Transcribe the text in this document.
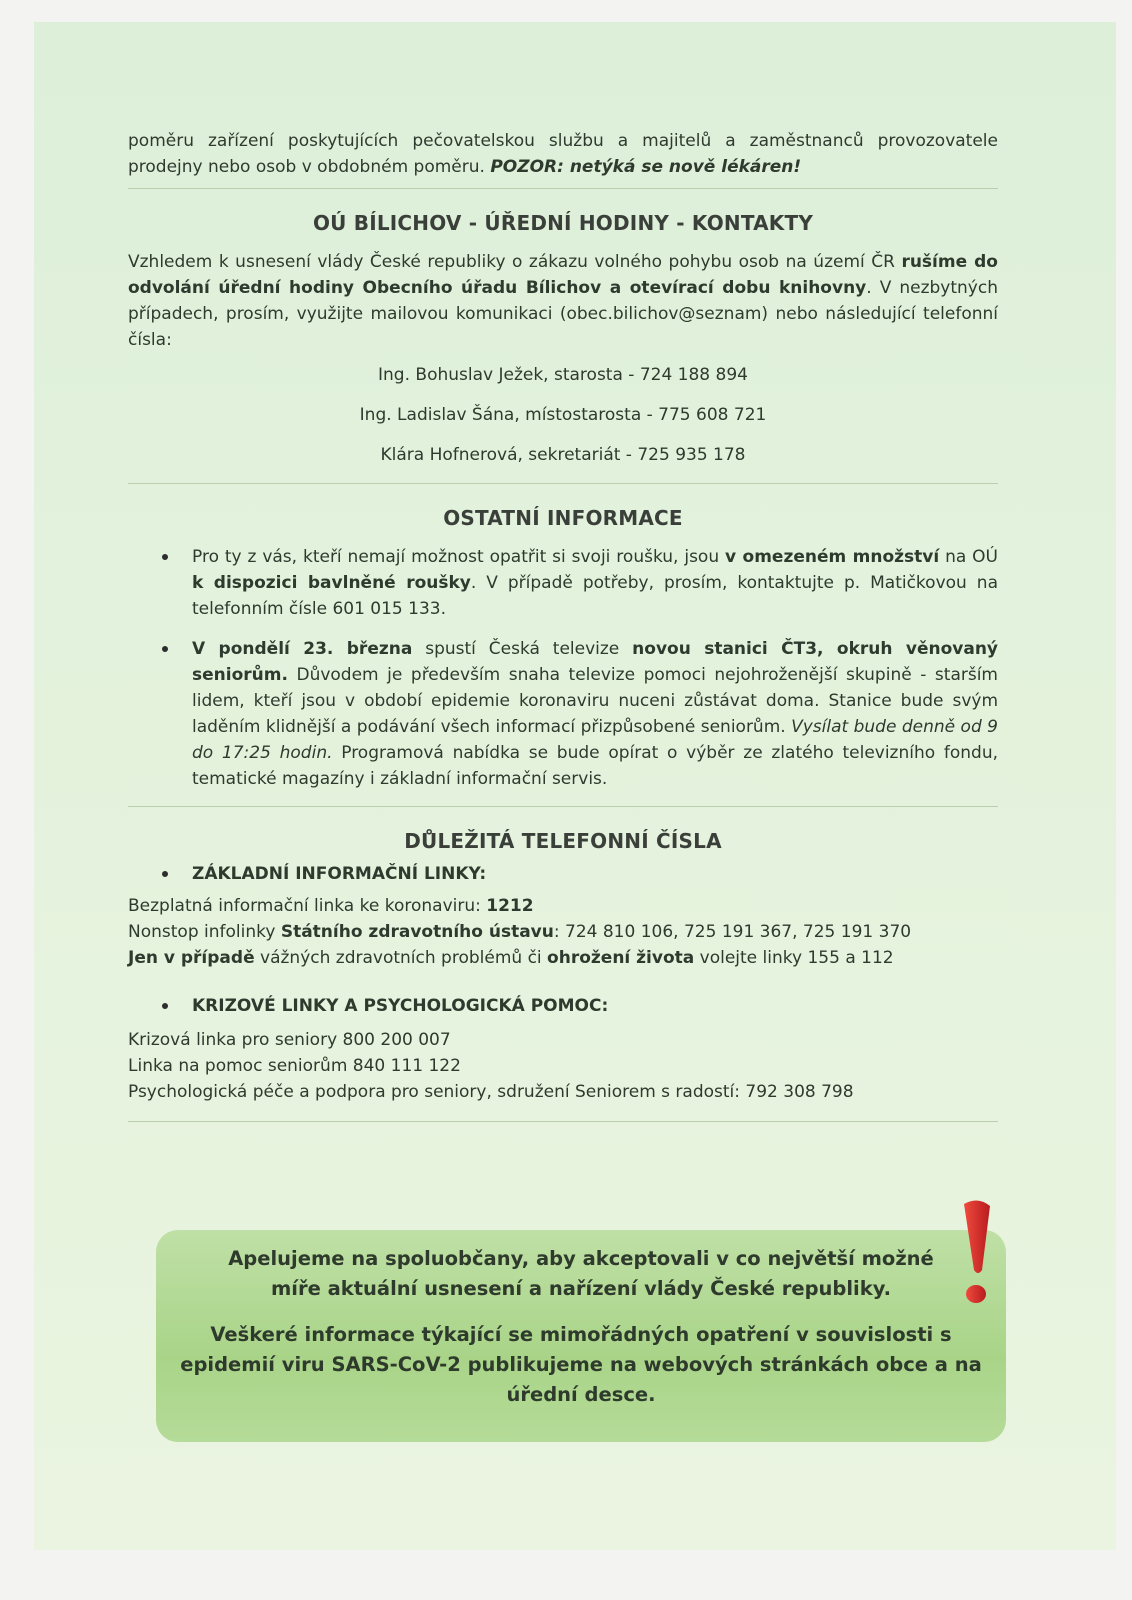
poměru zařízení poskytujících pečovatelskou službu a majitelů a zaměstnanců provozovatele prodejny nebo osob v obdobném poměru. POZOR: netýká se nově lékáren!

OÚ BÍLICHOV - ÚŘEDNÍ HODINY - KONTAKTY

Vzhledem k usnesení vlády České republiky o zákazu volného pohybu osob na území ČR rušíme do odvolání úřední hodiny Obecního úřadu Bílichov a otevírací dobu knihovny. V nezbytných případech, prosím, využijte mailovou komunikaci (obec.bilichov@seznam) nebo následující telefonní čísla:

Ing. Bohuslav Ježek, starosta - 724 188 894
Ing. Ladislav Šána, místostarosta - 775 608 721
Klára Hofnerová, sekretariát - 725 935 178
OSTATNÍ INFORMACE
Pro ty z vás, kteří nemají možnost opatřit si svoji roušku, jsou v omezeném množství na OÚ k dispozici bavlněné roušky. V případě potřeby, prosím, kontaktujte p. Matičkovou na telefonním čísle 601 015 133.
V pondělí 23. března spustí Česká televize novou stanici ČT3, okruh věnovaný seniorům. Důvodem je především snaha televize pomoci nejohroženější skupině - starším lidem, kteří jsou v období epidemie koronaviru nuceni zůstávat doma. Stanice bude svým laděním klidnější a podávání všech informací přizpůsobené seniorům. Vysílat bude denně od 9 do 17:25 hodin. Programová nabídka se bude opírat o výběr ze zlatého televizního fondu, tematické magazíny i základní informační servis.
DŮLEŽITÁ TELEFONNÍ ČÍSLA
ZÁKLADNÍ INFORMAČNÍ LINKY:

Bezplatná informační linka ke koronaviru: 1212

Nonstop infolinky Státního zdravotního ústavu: 724 810 106, 725 191 367, 725 191 370

Jen v případě vážných zdravotních problémů či ohrožení života volejte linky 155 a 112

KRIZOVÉ LINKY A PSYCHOLOGICKÁ POMOC:

Krizová linka pro seniory 800 200 007

Linka na pomoc seniorům 840 111 122

Psychologická péče a podpora pro seniory, sdružení Seniorem s radostí: 792 308 798

Apelujeme na spoluobčany, aby akceptovali v co největší možné míře aktuální usnesení a nařízení vlády České republiky.

Veškeré informace týkající se mimořádných opatření v souvislosti s epidemií viru SARS-CoV-2 publikujeme na webových stránkách obce a na úřední desce.
